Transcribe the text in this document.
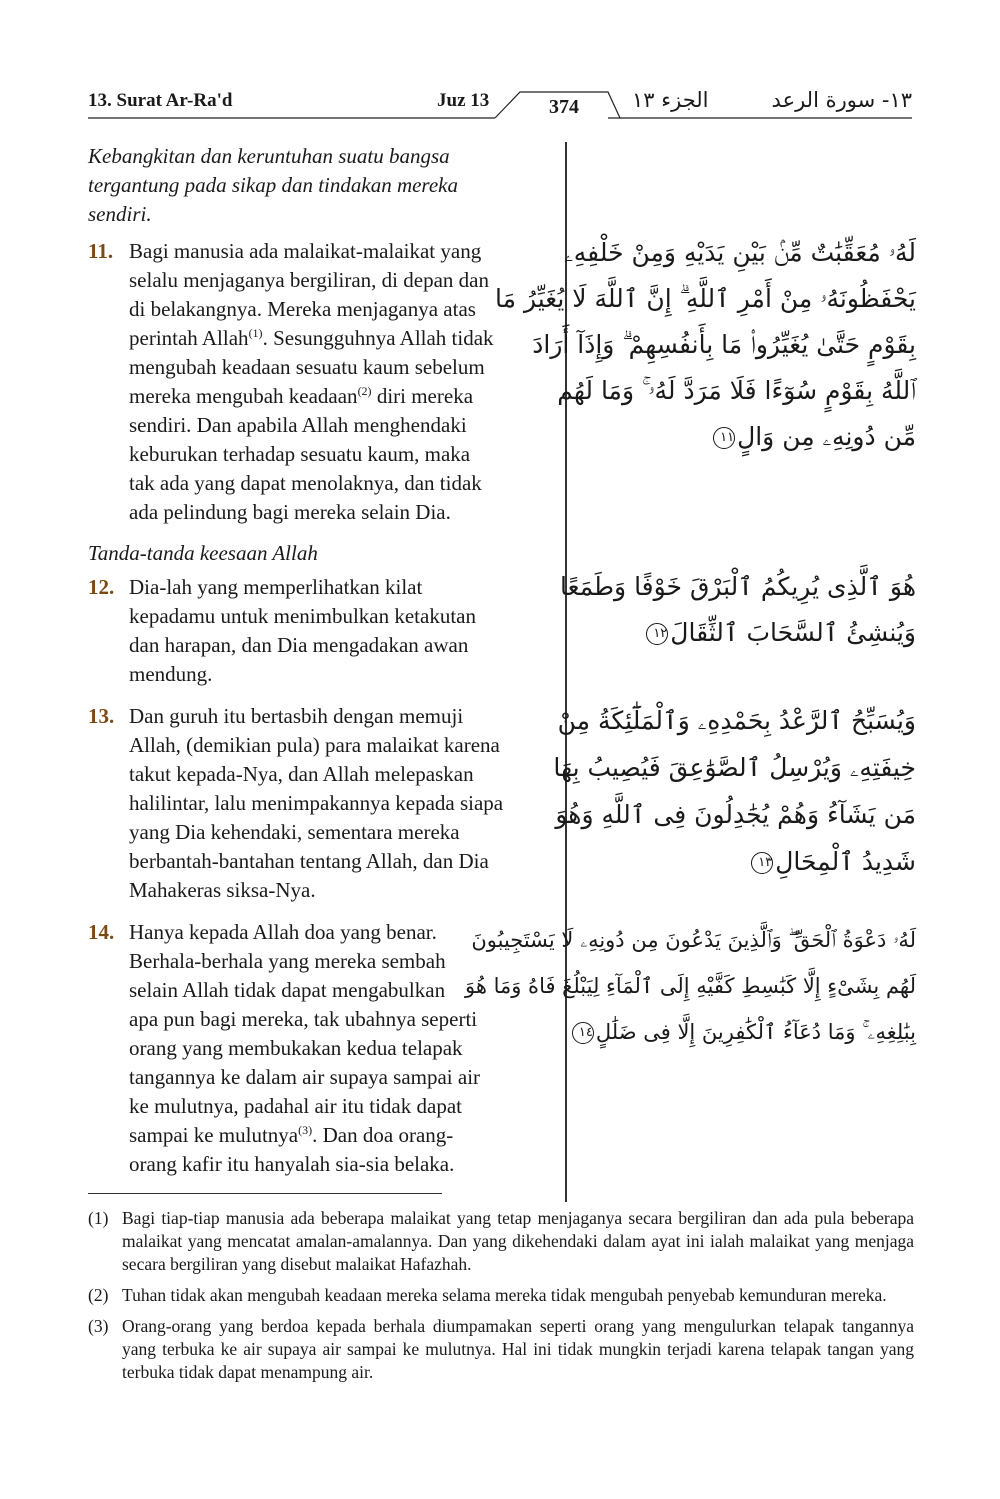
13. Surat Ar-Ra'd	Juz 13	374	الجزء ١٣	١٣- سورة الرعد
Kebangkitan dan keruntuhan suatu bangsa
tergantung pada sikap dan tindakan mereka
sendiri.
11. Bagi manusia ada malaikat-malaikat yang
selalu menjaganya bergiliran, di depan dan
di belakangnya. Mereka menjaganya atas
perintah Allah$^{(1)}$. Sesungguhnya Allah tidak
mengubah keadaan sesuatu kaum sebelum
mereka mengubah keadaan$^{(2)}$ diri mereka
sendiri. Dan apabila Allah menghendaki
keburukan terhadap sesuatu kaum, maka
tak ada yang dapat menolaknya, dan tidak
ada pelindung bagi mereka selain Dia.
Tanda-tanda keesaan Allah
12. Dia-lah yang memperlihatkan kilat
kepadamu untuk menimbulkan ketakutan
dan harapan, dan Dia mengadakan awan
mendung.
13. Dan guruh itu bertasbih dengan memuji
Allah, (demikian pula) para malaikat karena
takut kepada-Nya, dan Allah melepaskan
halilintar, lalu menimpakannya kepada siapa
yang Dia kehendaki, sementara mereka
berbantah-bantahan tentang Allah, dan Dia
Mahakeras siksa-Nya.
14. Hanya kepada Allah doa yang benar.
Berhala-berhala yang mereka sembah
selain Allah tidak dapat mengabulkan
apa pun bagi mereka, tak ubahnya seperti
orang yang membukakan kedua telapak
tangannya ke dalam air supaya sampai air
ke mulutnya, padahal air itu tidak dapat
sampai ke mulutnya$^{(3)}$. Dan doa orang-
orang kafir itu hanyalah sia-sia belaka.
لَهُۥ مُعَقِّبَٰتٌ مِّنۢ بَيْنِ يَدَيْهِ وَمِنْ خَلْفِهِۦ
يَحْفَظُونَهُۥ مِنْ أَمْرِ ٱللَّهِ ۗ إِنَّ ٱللَّهَ لَا يُغَيِّرُ مَا
بِقَوْمٍ حَتَّىٰ يُغَيِّرُوا۟ مَا بِأَنفُسِهِمْ ۗ وَإِذَآ أَرَادَ
ٱللَّهُ بِقَوْمٍ سُوٓءًا فَلَا مَرَدَّ لَهُۥ ۚ وَمَا لَهُم
مِّن دُونِهِۦ مِن وَالٍ١١
هُوَ ٱلَّذِى يُرِيكُمُ ٱلْبَرْقَ خَوْفًا وَطَمَعًا
وَيُنشِئُ ٱلسَّحَابَ ٱلثِّقَالَ١٢
وَيُسَبِّحُ ٱلرَّعْدُ بِحَمْدِهِۦ وَٱلْمَلَٰٓئِكَةُ مِنْ
خِيفَتِهِۦ وَيُرْسِلُ ٱلصَّوَٰعِقَ فَيُصِيبُ بِهَا
مَن يَشَآءُ وَهُمْ يُجَٰدِلُونَ فِى ٱللَّهِ وَهُوَ
شَدِيدُ ٱلْمِحَالِ١٣
لَهُۥ دَعْوَةُ ٱلْحَقِّ ۖ وَٱلَّذِينَ يَدْعُونَ مِن دُونِهِۦ لَا يَسْتَجِيبُونَ
لَهُم بِشَىْءٍ إِلَّا كَبَٰسِطِ كَفَّيْهِ إِلَى ٱلْمَآءِ لِيَبْلُغَ فَاهُ وَمَا هُوَ
بِبَٰلِغِهِۦ ۚ وَمَا دُعَآءُ ٱلْكَٰفِرِينَ إِلَّا فِى ضَلَٰلٍ١٤
(1) Bagi tiap-tiap manusia ada beberapa malaikat yang tetap menjaganya secara bergiliran dan ada pula beberapa malaikat yang mencatat amalan-amalannya. Dan yang dikehendaki dalam ayat ini ialah malaikat yang menjaga secara bergiliran yang disebut malaikat Hafazhah.
(2) Tuhan tidak akan mengubah keadaan mereka selama mereka tidak mengubah penyebab kemunduran mereka.
(3) Orang-orang yang berdoa kepada berhala diumpamakan seperti orang yang mengulurkan telapak tangannya yang terbuka ke air supaya air sampai ke mulutnya. Hal ini tidak mungkin terjadi karena telapak tangan yang terbuka tidak dapat menampung air.
